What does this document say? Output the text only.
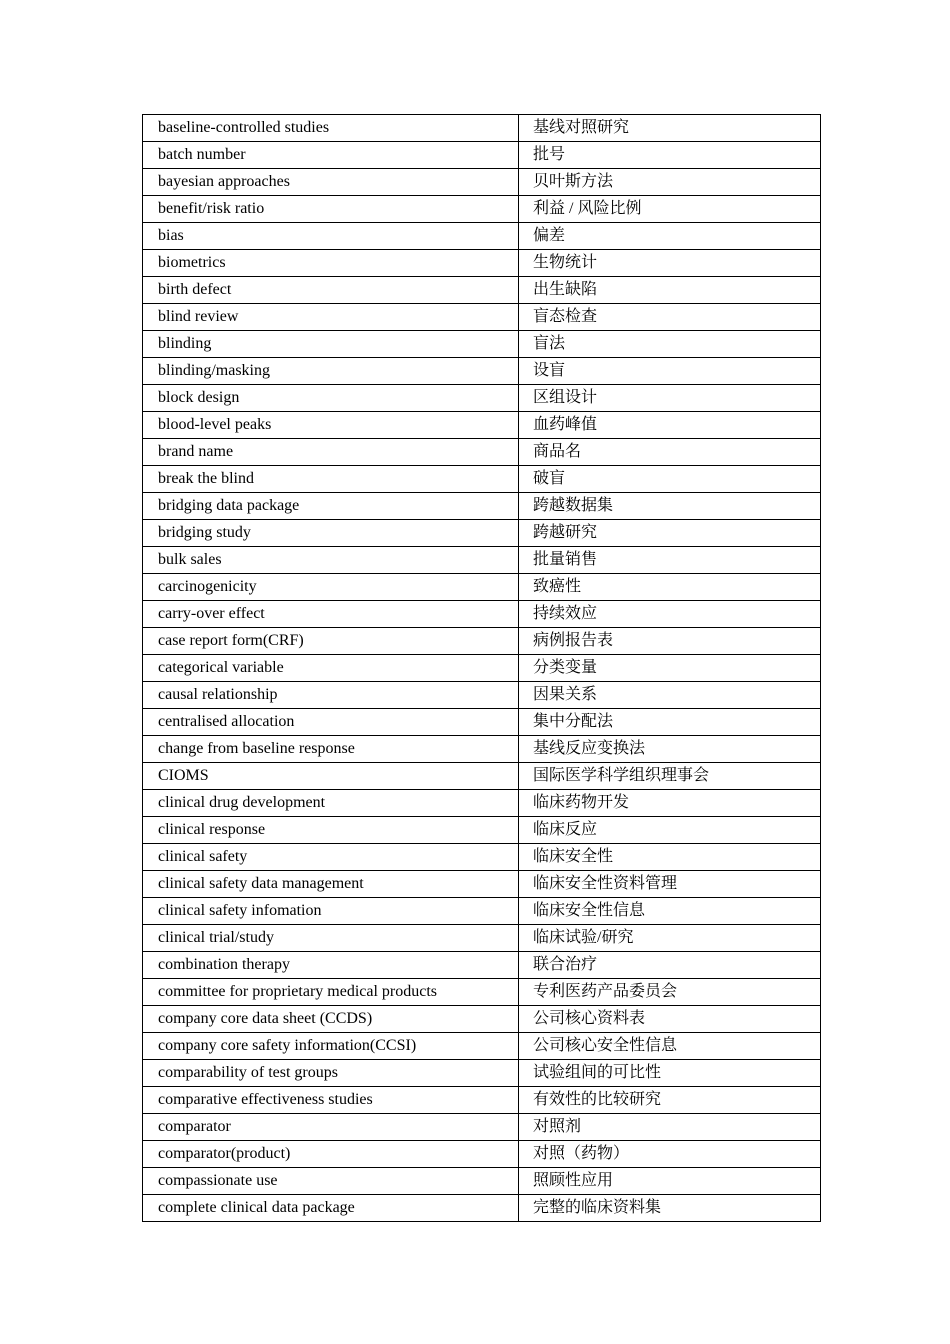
baseline-controlled studies	基线对照研究
batch number	批号
bayesian approaches	贝叶斯方法
benefit/risk ratio	利益 / 风险比例
bias	偏差
biometrics	生物统计
birth defect	出生缺陷
blind review	盲态检查
blinding	盲法
blinding/masking	设盲
block design	区组设计
blood-level peaks	血药峰值
brand name	商品名
break the blind	破盲
bridging data package	跨越数据集
bridging study	跨越研究
bulk sales	批量销售
carcinogenicity	致癌性
carry-over effect	持续效应
case report form(CRF)	病例报告表
categorical variable	分类变量
causal relationship	因果关系
centralised allocation	集中分配法
change from baseline response	基线反应变换法
CIOMS	国际医学科学组织理事会
clinical drug development	临床药物开发
clinical response	临床反应
clinical safety	临床安全性
clinical safety data management	临床安全性资料管理
clinical safety infomation	临床安全性信息
clinical trial/study	临床试验/研究
combination therapy	联合治疗
committee for proprietary medical products	专利医药产品委员会
company core data sheet (CCDS)	公司核心资料表
company core safety information(CCSI)	公司核心安全性信息
comparability of test groups	试验组间的可比性
comparative effectiveness studies	有效性的比较研究
comparator	对照剂
comparator(product)	对照（药物）
compassionate use	照顾性应用
complete clinical data package	完整的临床资料集
